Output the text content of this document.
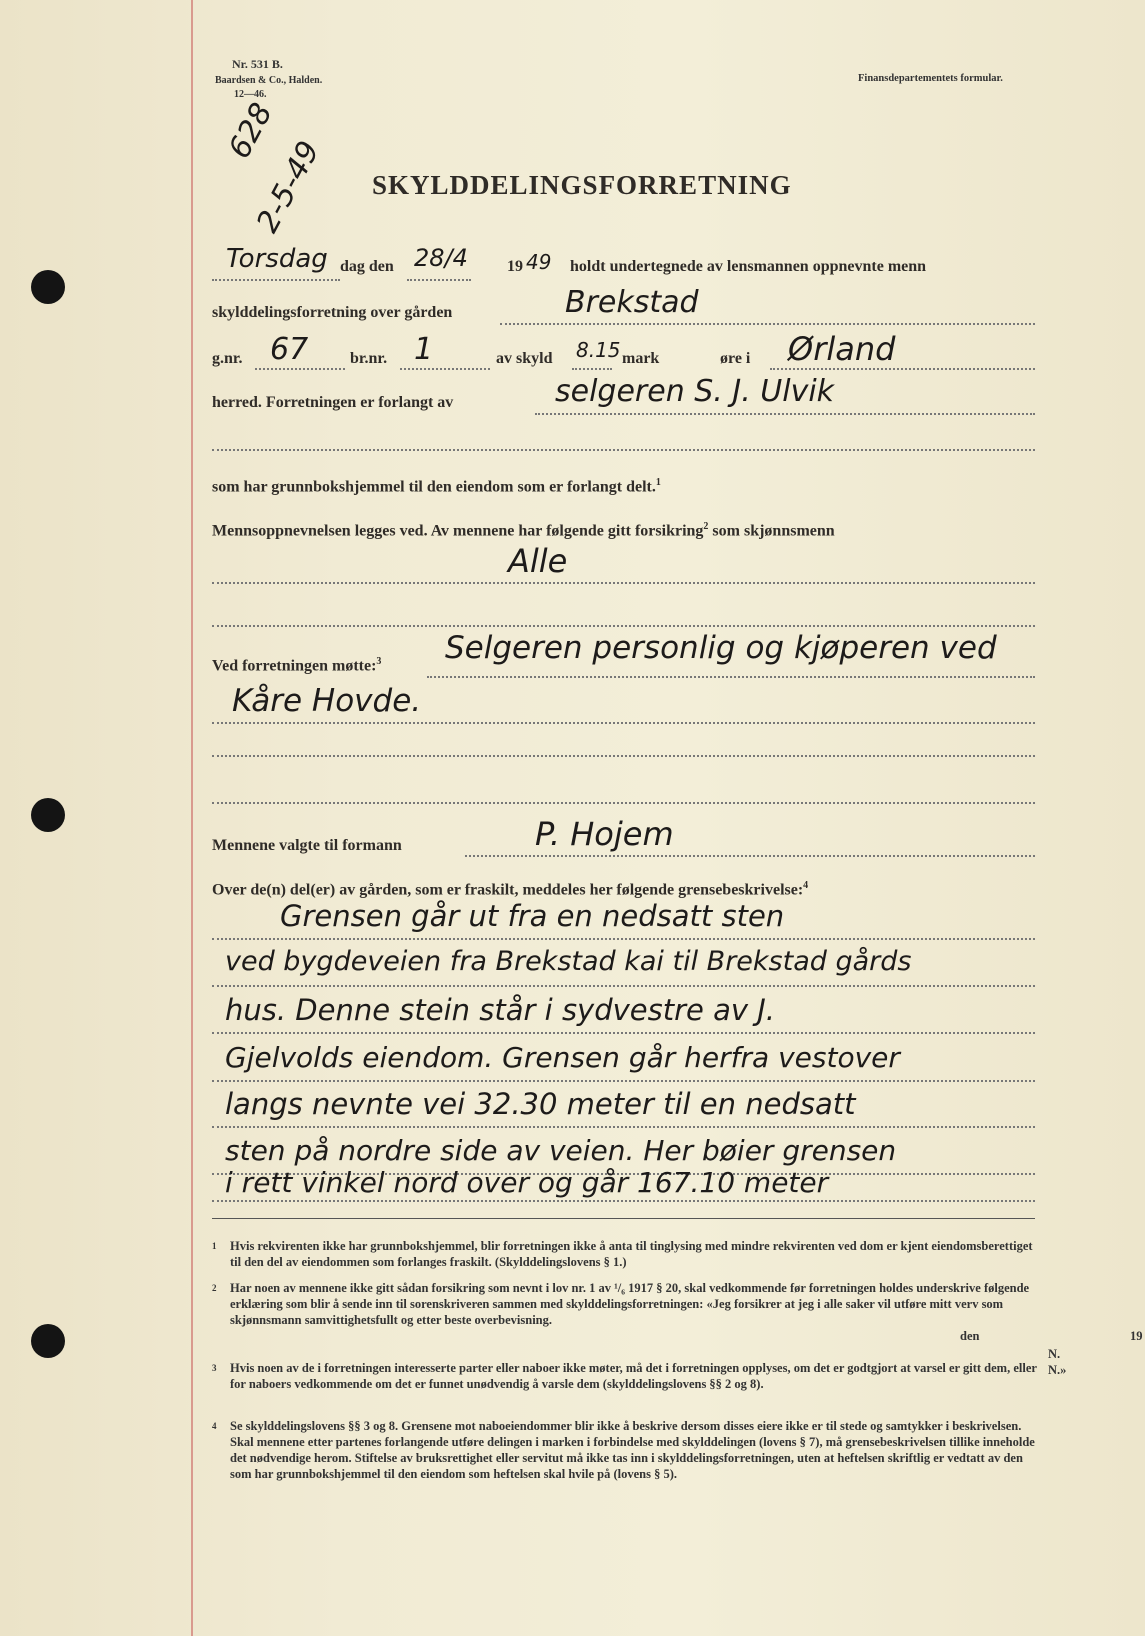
Nr. 531 B.
Baardsen & Co., Halden.
12—46.
Finansdepartementets formular.
628
2-5-49 SKYLDDELINGSFORRETNING
Torsdag dag den 28/4 19 49 holdt undertegnede av lensmannen oppnevnte menn
skylddelingsforretning over gården	Brekstad
g.nr. 67	br.nr. 1	av skyld 8.15 mark	øre i Ørland
herred. Forretningen er forlangt av	selgeren S. J. Ulvik
som har grunnbokshjemmel til den eiendom som er forlangt delt.$^1$
Mennsoppnevnelsen legges ved. Av mennene har følgende gitt forsikring$^2$ som skjønnsmenn
Alle
Ved forretningen møtte:$^3$ Selgeren personlig og kjøperen ved
Kåre Hovde.
Mennene valgte til formann	P. Hojem
Over de(n) del(er) av gården, som er fraskilt, meddeles her følgende grensebeskrivelse:$^4$
Grensen går ut fra en nedsatt sten
ved bygdeveien fra Brekstad kai til Brekstad gårds
hus. Denne stein står i sydvestre av J.
Gjelvolds eiendom. Grensen går herfra vestover
langs nevnte vei 32.30 meter til en nedsatt
sten på nordre side av veien. Her bøier grensen
i rett vinkel nord over og går 167.10 meter
1 Hvis rekvirenten ikke har grunnbokshjemmel, blir forretningen ikke å anta til tinglysing med mindre rekvirenten ved dom er kjent eiendomsberettiget til den del av eiendommen som forlanges fraskilt. (Skylddelingslovens § 1.)
2 Har noen av mennene ikke gitt sådan forsikring som nevnt i lov nr. 1 av ¹/₆ 1917 § 20, skal vedkommende før forretningen holdes underskrive følgende erklæring som blir å sende inn til sorenskriveren sammen med skylddelingsforretningen: «Jeg forsikrer at jeg i alle saker vil utføre mitt verv som skjønnsmann samvittighetsfullt og etter beste overbevisning.
den	19
N. N.»
3 Hvis noen av de i forretningen interesserte parter eller naboer ikke møter, må det i forretningen opplyses, om det er godtgjort at varsel er gitt dem, eller for naboers vedkommende om det er funnet unødvendig å varsle dem (skylddelingslovens §§ 2 og 8).
4 Se skylddelingslovens §§ 3 og 8. Grensene mot naboeiendommer blir ikke å beskrive dersom disses eiere ikke er til stede og samtykker i beskrivelsen. Skal mennene etter partenes forlangende utføre delingen i marken i forbindelse med skylddelingen (lovens § 7), må grensebeskrivelsen tillike inneholde det nødvendige herom. Stiftelse av bruksrettighet eller servitut må ikke tas inn i skylddelingsforretningen, uten at heftelsen skriftlig er vedtatt av den som har grunnbokshjemmel til den eiendom som heftelsen skal hvile på (lovens § 5).
